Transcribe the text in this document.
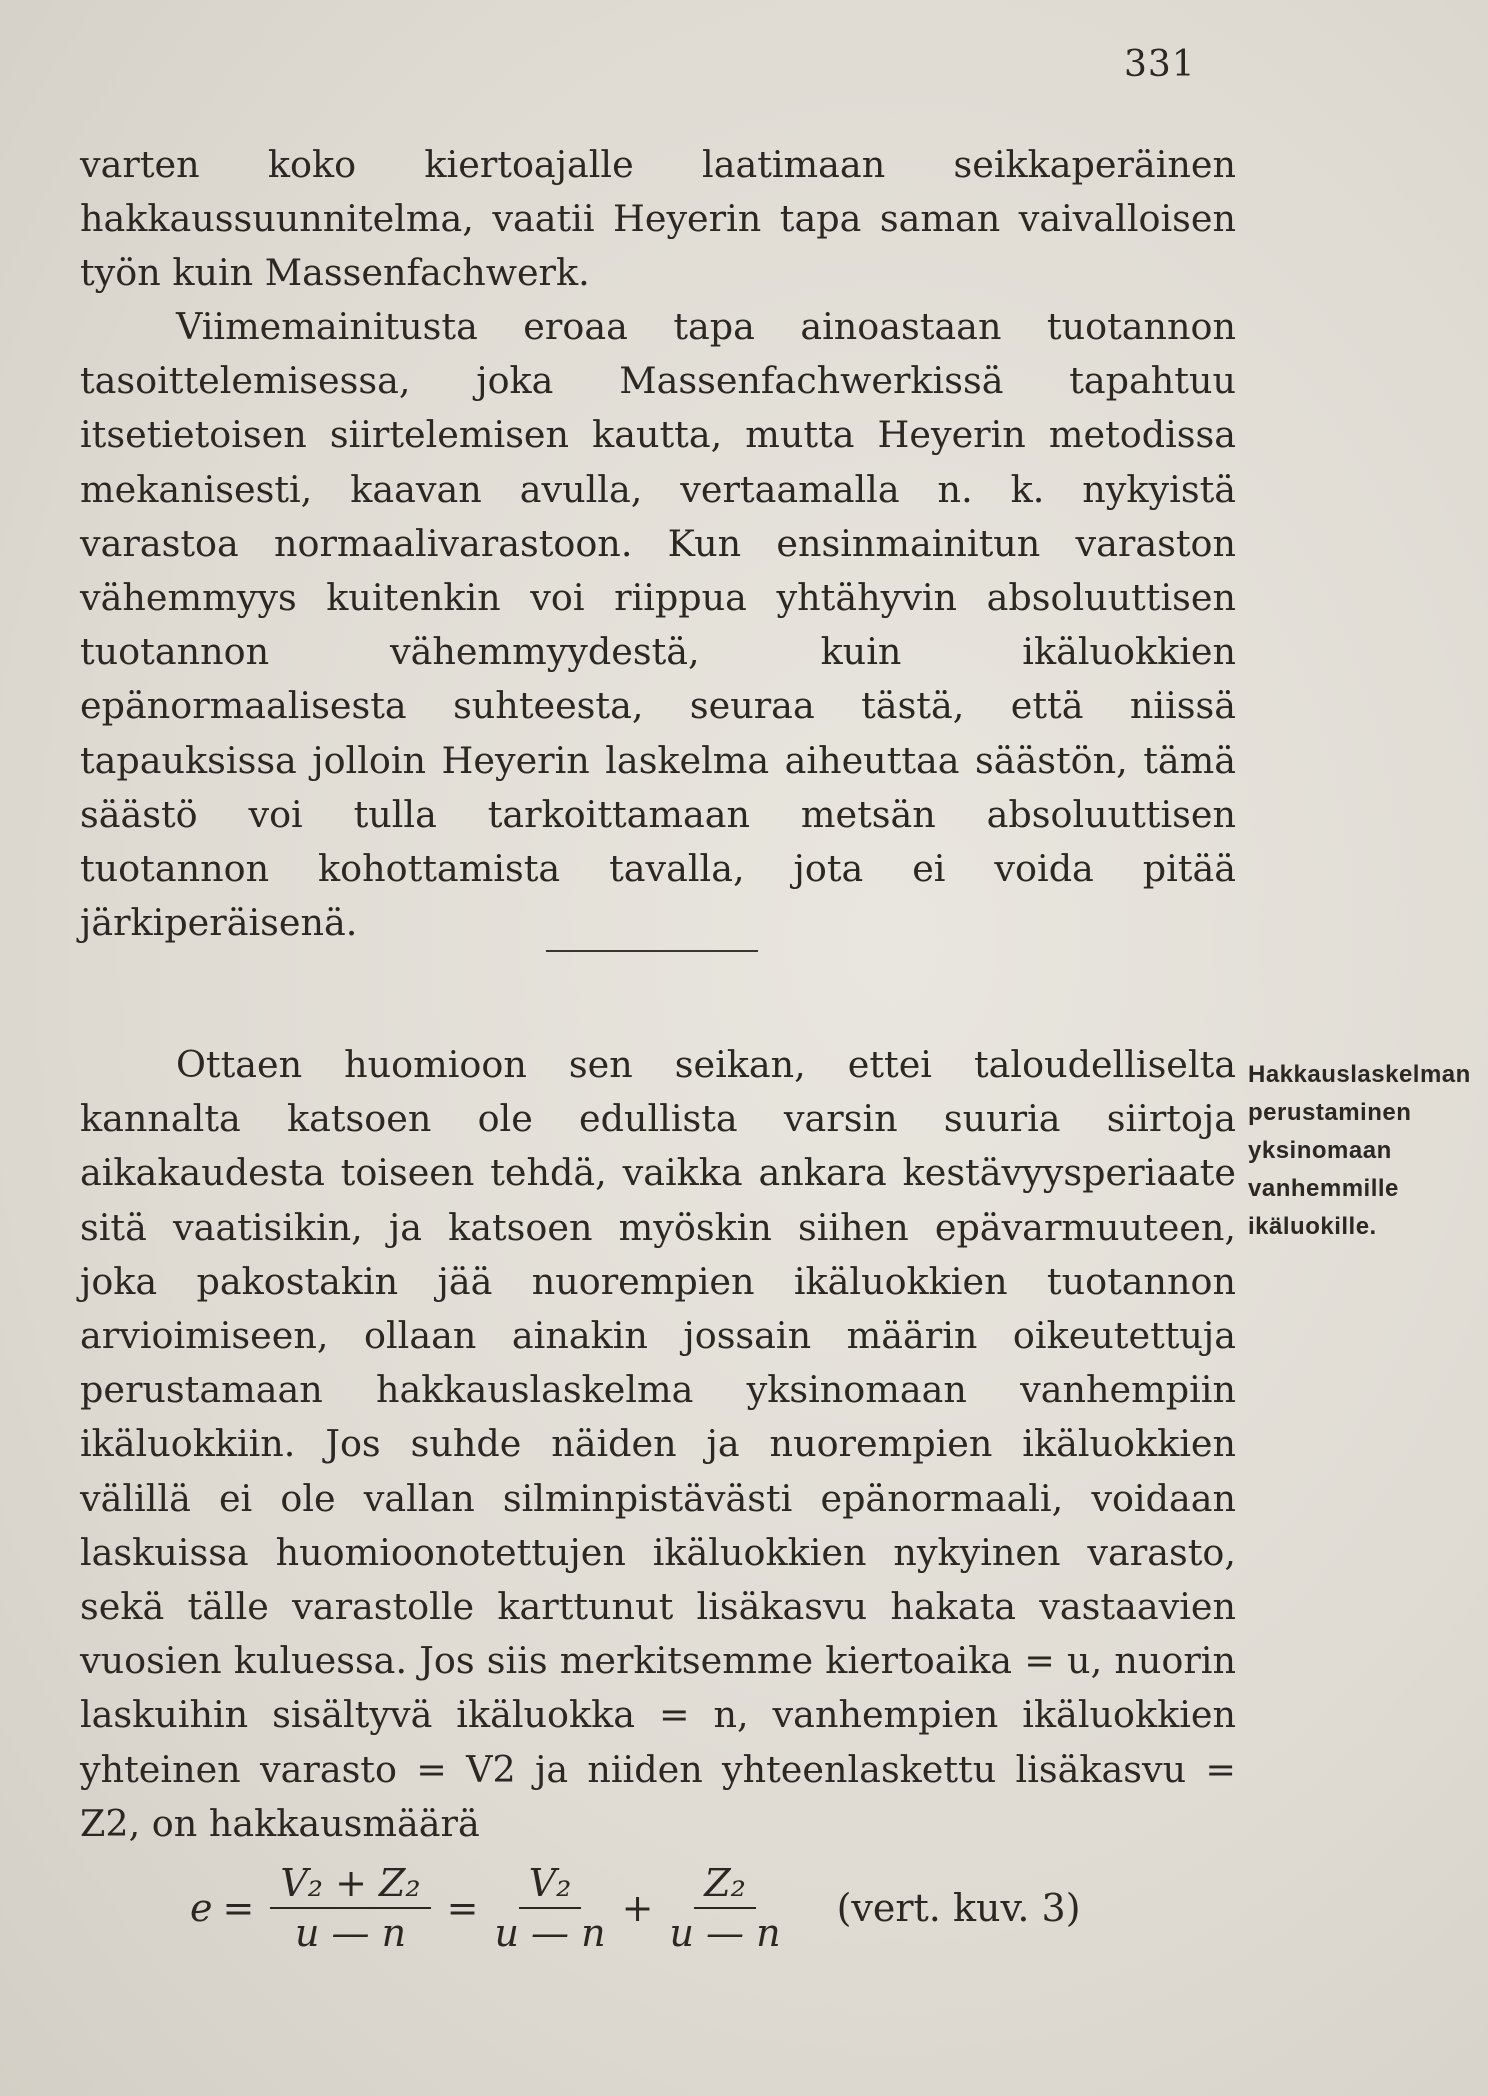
331

varten koko kiertoajalle laatimaan seikkaperäinen hakkaussuunnitelma, vaatii Heyerin tapa saman vaivalloisen työn kuin Massenfachwerk.

Viimemainitusta eroaa tapa ainoastaan tuotannon tasoittelemisessa, joka Massenfachwerkissä tapahtuu itsetietoisen siirtelemisen kautta, mutta Heyerin metodissa mekanisesti, kaavan avulla, vertaamalla n. k. nykyistä varastoa normaalivarastoon. Kun ensinmainitun varaston vähemmyys kuitenkin voi riippua yhtähyvin absoluuttisen tuotannon vähemmyydestä, kuin ikäluokkien epänormaalisesta suhteesta, seuraa tästä, että niissä tapauksissa jolloin Heyerin laskelma aiheuttaa säästön, tämä säästö voi tulla tarkoittamaan metsän absoluuttisen tuotannon kohottamista tavalla, jota ei voida pitää järkiperäisenä.

Ottaen huomioon sen seikan, ettei taloudelliselta kannalta katsoen ole edullista varsin suuria siirtoja aikakaudesta toiseen tehdä, vaikka ankara kestävyysperiaate sitä vaatisikin, ja katsoen myöskin siihen epävarmuuteen, joka pakostakin jää nuorempien ikäluokkien tuotannon arvioimiseen, ollaan ainakin jossain määrin oikeutettuja perustamaan hakkauslaskelma yksinomaan vanhempiin ikäluokkiin. Jos suhde näiden ja nuorempien ikäluokkien välillä ei ole vallan silminpistävästi epänormaali, voidaan laskuissa huomioonotettujen ikäluokkien nykyinen varasto, sekä tälle varastolle karttunut lisäkasvu hakata vastaavien vuosien kuluessa. Jos siis merkitsemme kiertoaika = u, nuorin laskuihin sisältyvä ikäluokka = n, vanhempien ikäluokkien yhteinen varasto = V2 ja niiden yhteenlaskettu lisäkasvu = Z2, on hakkausmäärä

Hakkauslaskelman perustaminen yksinomaan vanhemmille ikäluokille.

$e = \frac{\text{V₂ + Z₂}}{u — n} = \frac{\text{V₂}}{u — n} + \frac{\text{Z₂}}{u — n}$ (vert. kuv. 3)
